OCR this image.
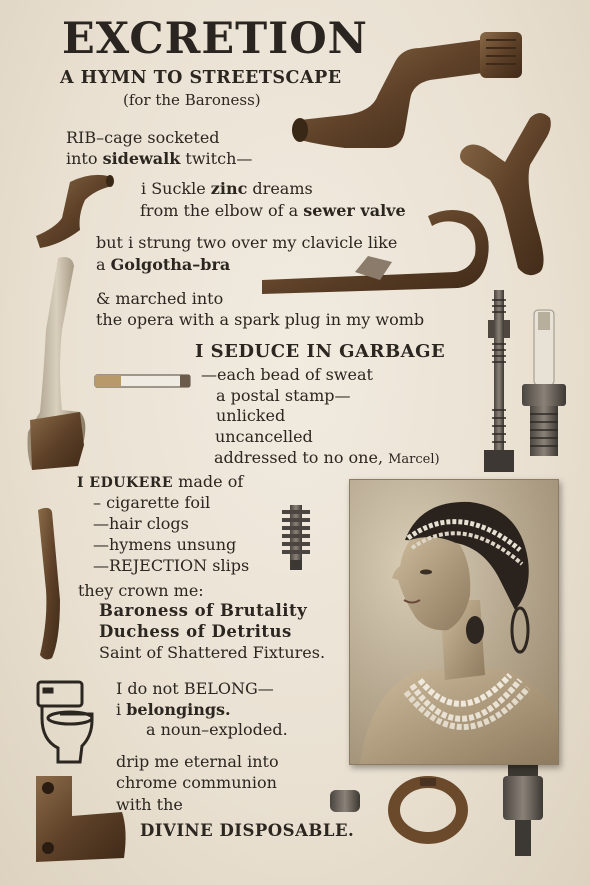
EXCRETION
A HYMN TO STREETSCAPE
(for the Baroness)
RIB–cage socketed
into sidewalk twitch—
i Suckle zinc dreams
from the elbow of a sewer valve
but i strung two over my clavicle like
a Golgotha–bra
& marched into
the opera with a spark plug in my womb
I SEDUCE IN GARBAGE
—each bead of sweat
a postal stamp—
unlicked
uncancelled
addressed to no one, Marcel)
I EDUKERE made of
– cigarette foil
—hair clogs
—hymens unsung
—REJECTION slips
they crown me:
Baroness of Brutality
Duchess of Detritus
Saint of Shattered Fixtures.
I do not BELONG—
i belongings.
a noun–exploded.
drip me eternal into
chrome communion
with the
DIVINE DISPOSABLE.
